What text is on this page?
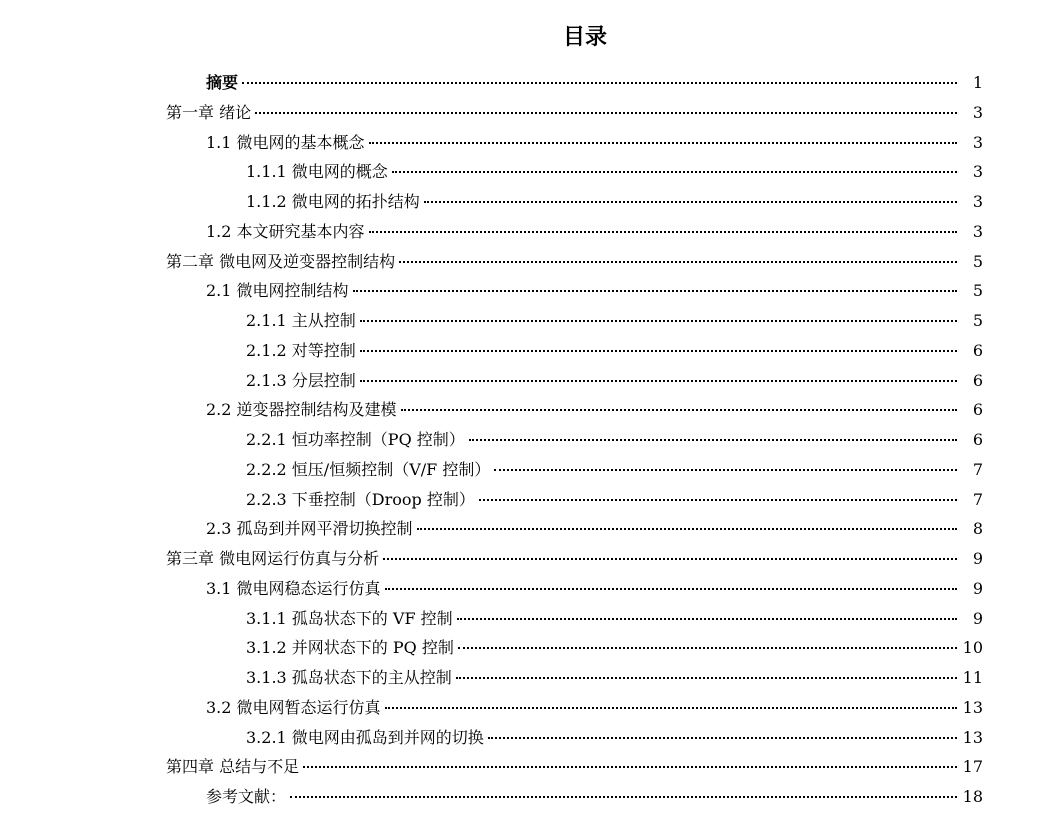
目录
摘要	1
第一章 绪论	3
1.1 微电网的基本概念	3
1.1.1 微电网的概念	3
1.1.2 微电网的拓扑结构	3
1.2 本文研究基本内容	3
第二章 微电网及逆变器控制结构	5
2.1 微电网控制结构	5
2.1.1 主从控制	5
2.1.2 对等控制	6
2.1.3 分层控制	6
2.2 逆变器控制结构及建模	6
2.2.1 恒功率控制（PQ 控制）	6
2.2.2 恒压/恒频控制（V/F 控制）	7
2.2.3 下垂控制（Droop 控制）	7
2.3 孤岛到并网平滑切换控制	8
第三章 微电网运行仿真与分析	9
3.1 微电网稳态运行仿真	9
3.1.1 孤岛状态下的 VF 控制	9
3.1.2 并网状态下的 PQ 控制	10
3.1.3 孤岛状态下的主从控制	11
3.2 微电网暂态运行仿真	13
3.2.1 微电网由孤岛到并网的切换	13
第四章 总结与不足	17
参考文献：	18
